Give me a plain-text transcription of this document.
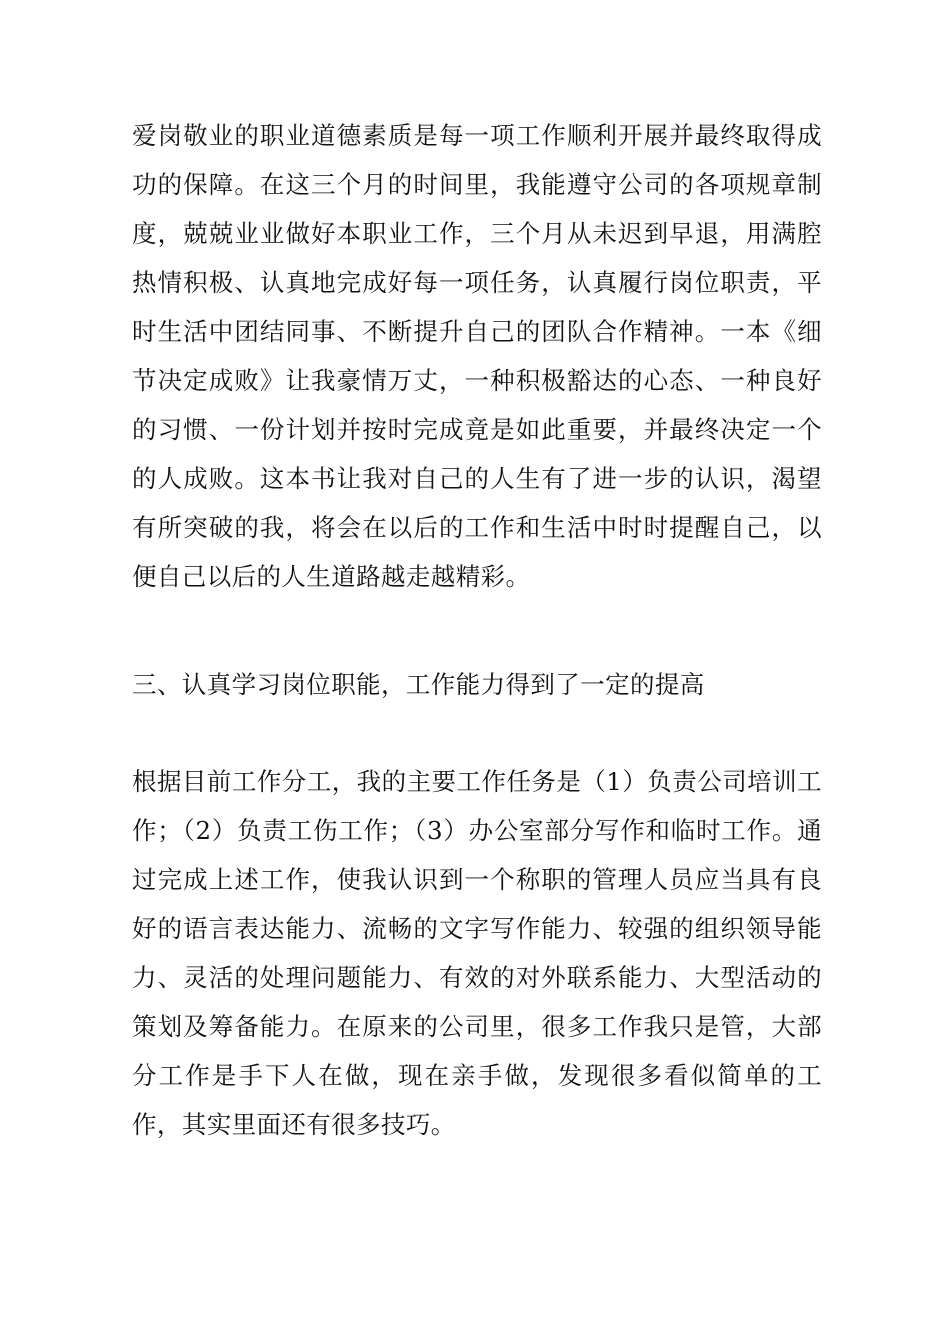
爱岗敬业的职业道德素质是每一项工作顺利开展并最终取得成功的保障。在这三个月的时间里，我能遵守公司的各项规章制度，兢兢业业做好本职业工作，三个月从未迟到早退，用满腔热情积极、认真地完成好每一项任务，认真履行岗位职责，平时生活中团结同事、不断提升自己的团队合作精神。一本《细节决定成败》让我豪情万丈，一种积极豁达的心态、一种良好的习惯、一份计划并按时完成竟是如此重要，并最终决定一个的人成败。这本书让我对自己的人生有了进一步的认识，渴望有所突破的我，将会在以后的工作和生活中时时提醒自己，以便自己以后的人生道路越走越精彩。

三、认真学习岗位职能，工作能力得到了一定的提高

根据目前工作分工，我的主要工作任务是（1）负责公司培训工作；（2）负责工伤工作；（3）办公室部分写作和临时工作。通过完成上述工作，使我认识到一个称职的管理人员应当具有良好的语言表达能力、流畅的文字写作能力、较强的组织领导能力、灵活的处理问题能力、有效的对外联系能力、大型活动的策划及筹备能力。在原来的公司里，很多工作我只是管，大部分工作是手下人在做，现在亲手做，发现很多看似简单的工作，其实里面还有很多技巧。
